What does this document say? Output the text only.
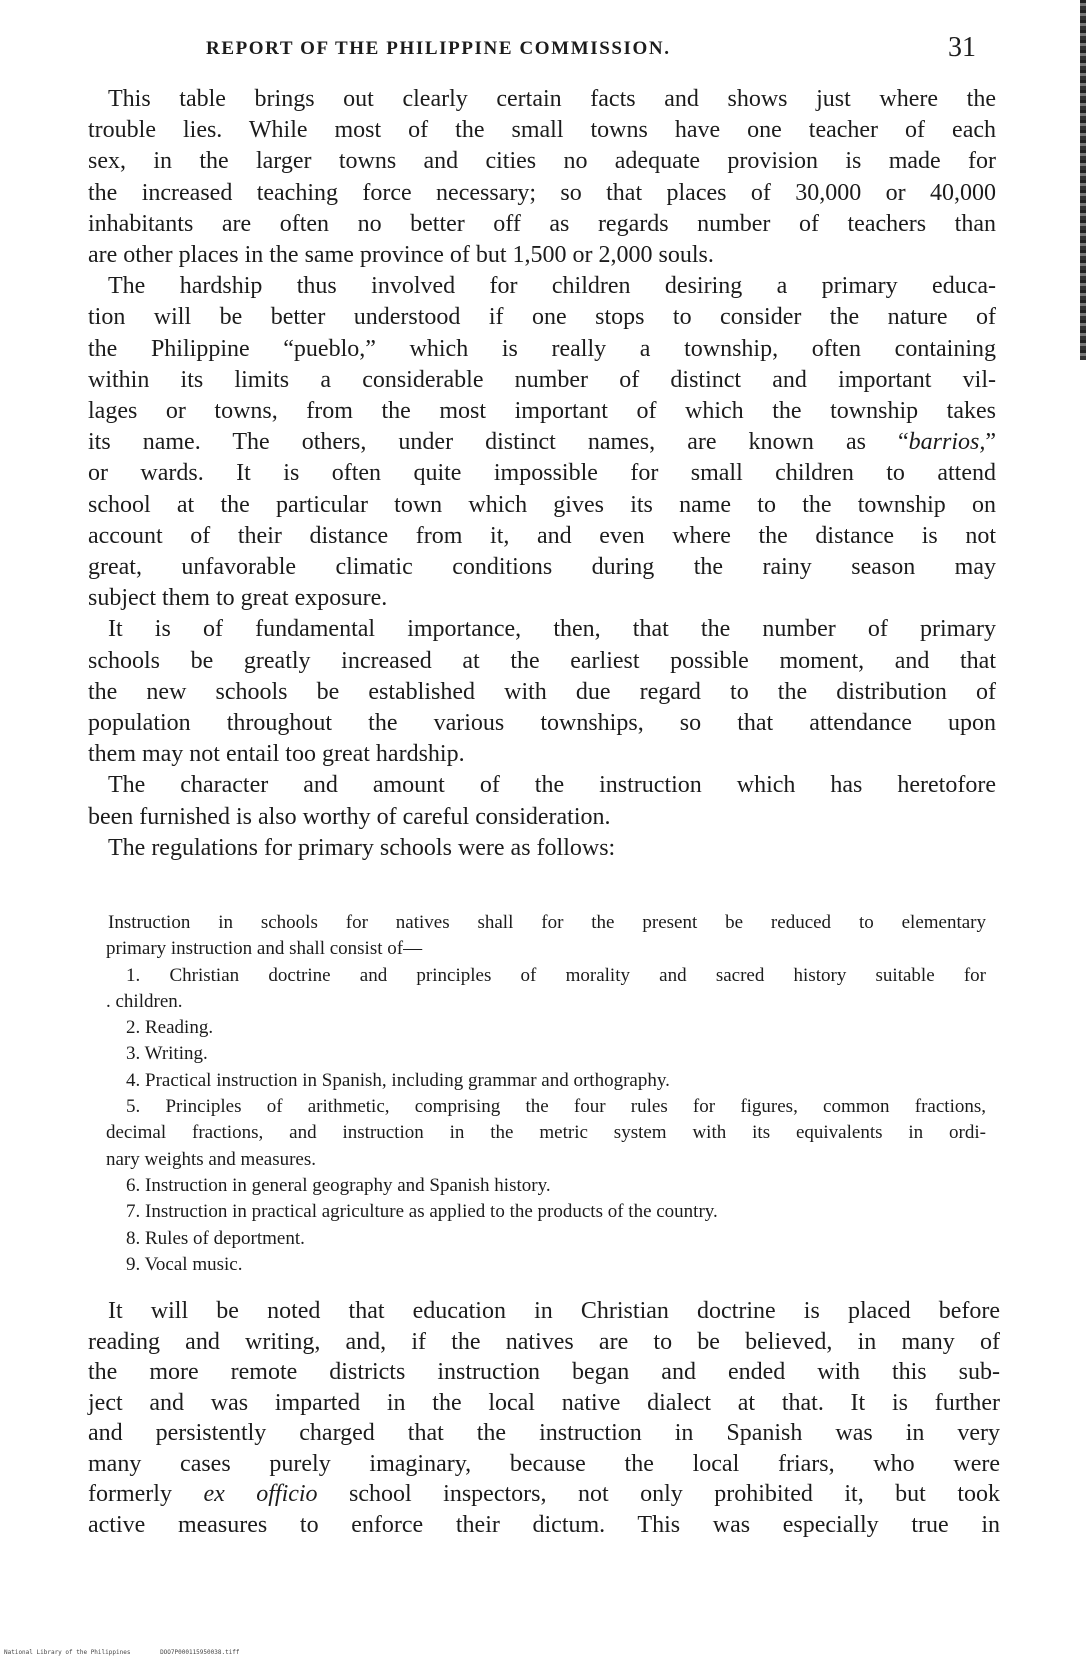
REPORT OF THE PHILIPPINE COMMISSION.	31
This table brings out clearly certain facts and shows just where the
trouble lies. While most of the small towns have one teacher of each
sex, in the larger towns and cities no adequate provision is made for
the increased teaching force necessary; so that places of 30,000 or 40,000
inhabitants are often no better off as regards number of teachers than
are other places in the same province of but 1,500 or 2,000 souls.
The hardship thus involved for children desiring a primary educa-
tion will be better understood if one stops to consider the nature of
the Philippine “pueblo,” which is really a township, often containing
within its limits a considerable number of distinct and important vil-
lages or towns, from the most important of which the township takes
its name. The others, under distinct names, are known as “barrios,”
or wards. It is often quite impossible for small children to attend
school at the particular town which gives its name to the township on
account of their distance from it, and even where the distance is not
great, unfavorable climatic conditions during the rainy season may
subject them to great exposure.
It is of fundamental importance, then, that the number of primary
schools be greatly increased at the earliest possible moment, and that
the new schools be established with due regard to the distribution of
population throughout the various townships, so that attendance upon
them may not entail too great hardship.
The character and amount of the instruction which has heretofore
been furnished is also worthy of careful consideration.
The regulations for primary schools were as follows:
Instruction in schools for natives shall for the present be reduced to elementary
primary instruction and shall consist of—
1. Christian doctrine and principles of morality and sacred history suitable for
. children.
2. Reading.
3. Writing.
4. Practical instruction in Spanish, including grammar and orthography.
5. Principles of arithmetic, comprising the four rules for figures, common fractions,
decimal fractions, and instruction in the metric system with its equivalents in ordi-
nary weights and measures.
6. Instruction in general geography and Spanish history.
7. Instruction in practical agriculture as applied to the products of the country.
8. Rules of deportment.
9. Vocal music.
It will be noted that education in Christian doctrine is placed before
reading and writing, and, if the natives are to be believed, in many of
the more remote districts instruction began and ended with this sub-
ject and was imparted in the local native dialect at that. It is further
and persistently charged that the instruction in Spanish was in very
many cases purely imaginary, because the local friars, who were
formerly ex officio school inspectors, not only prohibited it, but took
active measures to enforce their dictum. This was especially true in
National Library of the Philippines	DOO7P000115950038.tiff
